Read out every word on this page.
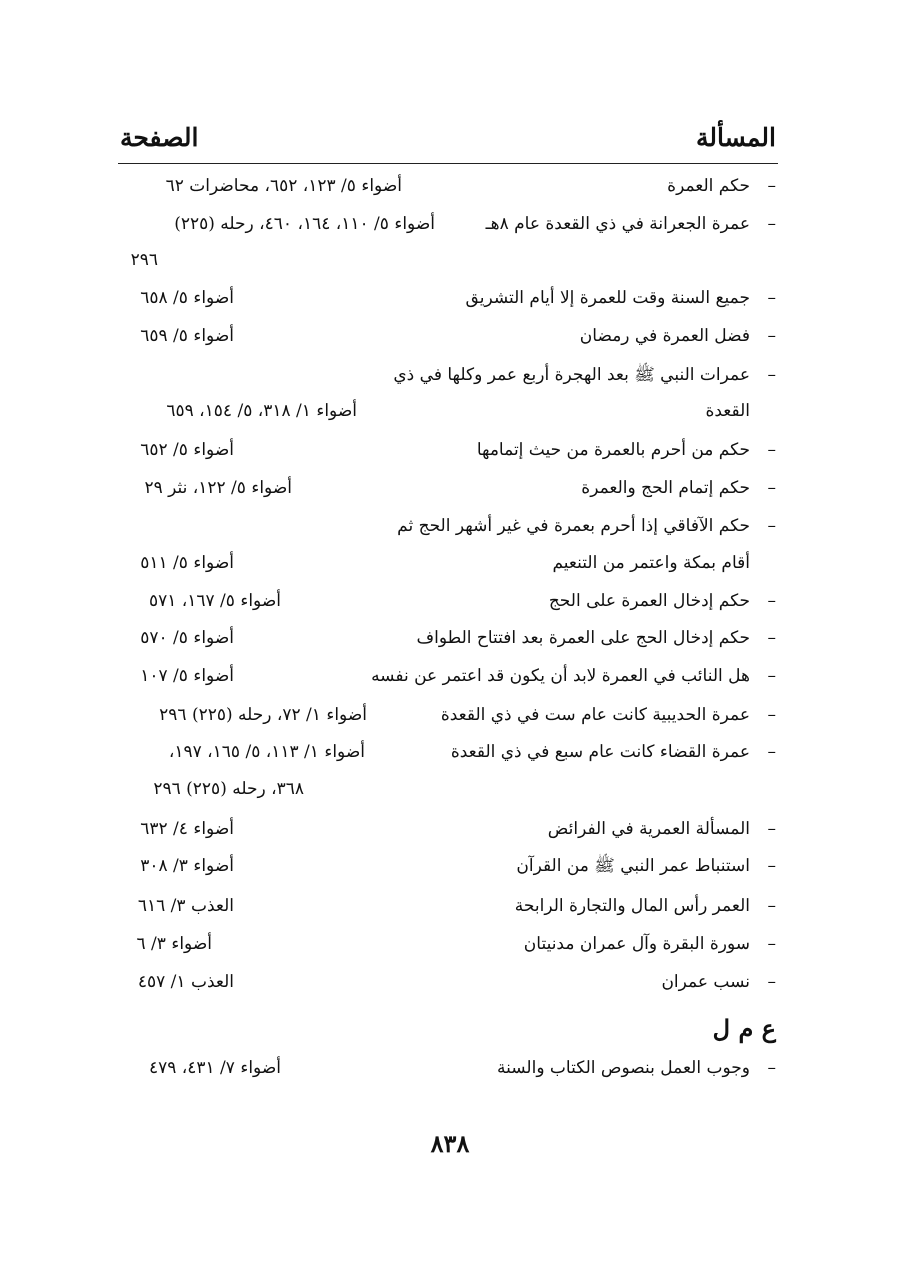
المسألة
الصفحة
–
حكم العمرة
أضواء ٥/ ١٢٣، ٦٥٢، محاضرات ٦٢
–
عمرة الجعرانة في ذي القعدة عام ٨هـ
أضواء ٥/ ١١٠، ١٦٤، ٤٦٠، رحله (٢٢٥)
٢٩٦
–
جميع السنة وقت للعمرة إلا أيام التشريق
أضواء ٥/ ٦٥٨
–
فضل العمرة في رمضان
أضواء ٥/ ٦٥٩
–
عمرات النبي ﷺ بعد الهجرة أربع عمر وكلها في ذي
القعدة
أضواء ١/ ٣١٨، ٥/ ١٥٤، ٦٥٩
–
حكم من أحرم بالعمرة من حيث إتمامها
أضواء ٥/ ٦٥٢
–
حكم إتمام الحج والعمرة
أضواء ٥/ ١٢٢، نثر ٢٩
–
حكم الآفاقي إذا أحرم بعمرة في غير أشهر الحج ثم
أقام بمكة واعتمر من التنعيم
أضواء ٥/ ٥١١
–
حكم إدخال العمرة على الحج
أضواء ٥/ ١٦٧، ٥٧١
–
حكم إدخال الحج على العمرة بعد افتتاح الطواف
أضواء ٥/ ٥٧٠
–
هل النائب في العمرة لابد أن يكون قد اعتمر عن نفسه
أضواء ٥/ ١٠٧
–
عمرة الحديبية كانت عام ست في ذي القعدة
أضواء ١/ ٧٢، رحله (٢٢٥) ٢٩٦
–
عمرة القضاء كانت عام سبع في ذي القعدة
أضواء ١/ ١١٣، ٥/ ١٦٥، ١٩٧،
٣٦٨، رحله (٢٢٥) ٢٩٦
–
المسألة العمرية في الفرائض
أضواء ٤/ ٦٣٢
–
استنباط عمر النبي ﷺ من القرآن
أضواء ٣/ ٣٠٨
–
العمر رأس المال والتجارة الرابحة
العذب ٣/ ٦١٦
–
سورة البقرة وآل عمران مدنيتان
أضواء ٣/ ٦
–
نسب عمران
العذب ١/ ٤٥٧
ع م ل
–
وجوب العمل بنصوص الكتاب والسنة
أضواء ٧/ ٤٣١، ٤٧٩
٨٣٨
